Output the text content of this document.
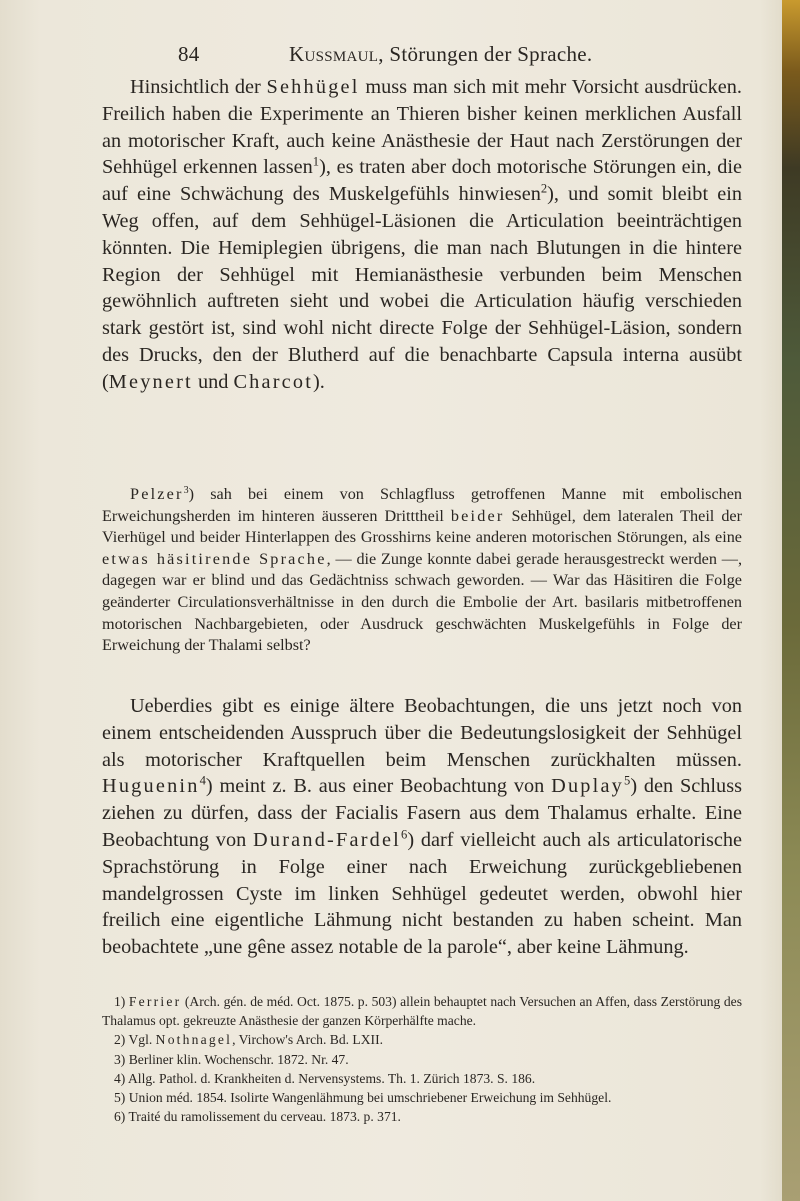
84	Kussmaul, Störungen der Sprache.
Hinsichtlich der Sehhügel muss man sich mit mehr Vorsicht ausdrücken. Freilich haben die Experimente an Thieren bisher keinen merklichen Ausfall an motorischer Kraft, auch keine Anästhesie der Haut nach Zerstörungen der Sehhügel erkennen lassen$^1$), es traten aber doch motorische Störungen ein, die auf eine Schwächung des Muskelgefühls hinwiesen$^2$), und somit bleibt ein Weg offen, auf dem Sehhügel-Läsionen die Articulation beeinträchtigen könnten. Die Hemiplegien übrigens, die man nach Blutungen in die hintere Region der Sehhügel mit Hemianästhesie verbunden beim Menschen gewöhnlich auftreten sieht und wobei die Articulation häufig verschieden stark gestört ist, sind wohl nicht directe Folge der Sehhügel-Läsion, sondern des Drucks, den der Blutherd auf die benachbarte Capsula interna ausübt (Meynert und Charcot).
Pelzer$^3$) sah bei einem von Schlagfluss getroffenen Manne mit embolischen Erweichungsherden im hinteren äusseren Dritttheil beider Sehhügel, dem lateralen Theil der Vierhügel und beider Hinterlappen des Grosshirns keine anderen motorischen Störungen, als eine etwas häsitirende Sprache, — die Zunge konnte dabei gerade herausgestreckt werden —, dagegen war er blind und das Gedächtniss schwach geworden. — War das Häsitiren die Folge geänderter Circulationsverhältnisse in den durch die Embolie der Art. basilaris mitbetroffenen motorischen Nachbargebieten, oder Ausdruck geschwächten Muskelgefühls in Folge der Erweichung der Thalami selbst?
Ueberdies gibt es einige ältere Beobachtungen, die uns jetzt noch von einem entscheidenden Ausspruch über die Bedeutungslosigkeit der Sehhügel als motorischer Kraftquellen beim Menschen zurückhalten müssen. Huguenin$^4$) meint z. B. aus einer Beobachtung von Duplay$^5$) den Schluss ziehen zu dürfen, dass der Facialis Fasern aus dem Thalamus erhalte. Eine Beobachtung von Durand-Fardel$^6$) darf vielleicht auch als articulatorische Sprachstörung in Folge einer nach Erweichung zurückgebliebenen mandelgrossen Cyste im linken Sehhügel gedeutet werden, obwohl hier freilich eine eigentliche Lähmung nicht bestanden zu haben scheint. Man beobachtete „une gêne assez notable de la parole“, aber keine Lähmung.
1) Ferrier (Arch. gén. de méd. Oct. 1875. p. 503) allein behauptet nach Versuchen an Affen, dass Zerstörung des Thalamus opt. gekreuzte Anästhesie der ganzen Körperhälfte mache.
2) Vgl. Nothnagel, Virchow's Arch. Bd. LXII.
3) Berliner klin. Wochenschr. 1872. Nr. 47.
4) Allg. Pathol. d. Krankheiten d. Nervensystems. Th. 1. Zürich 1873. S. 186.
5) Union méd. 1854. Isolirte Wangenlähmung bei umschriebener Erweichung im Sehhügel.
6) Traité du ramolissement du cerveau. 1873. p. 371.
